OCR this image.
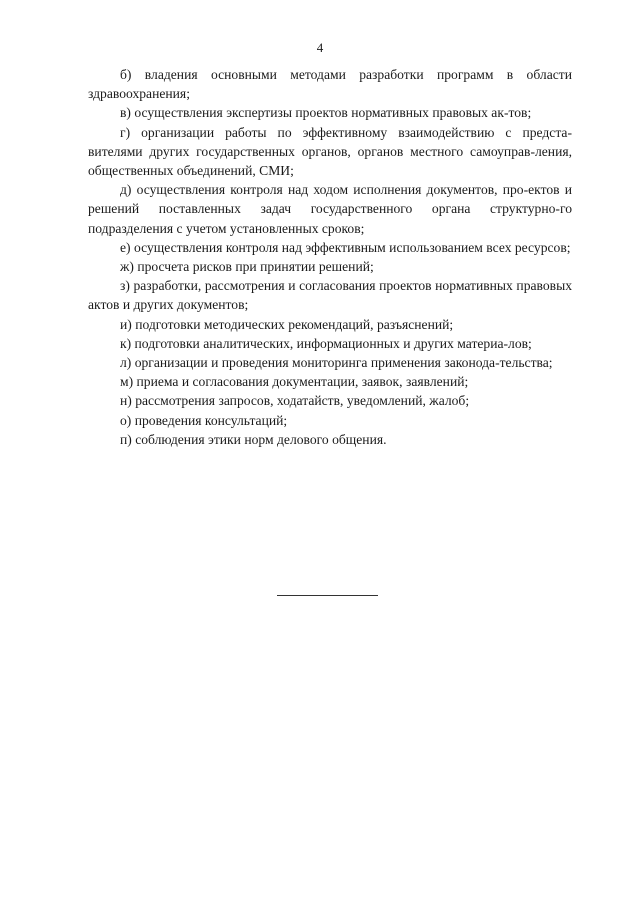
4

б) владения основными методами разработки программ в области здравоохранения;

в) осуществления экспертизы проектов нормативных правовых ак-тов;

г) организации работы по эффективному взаимодействию с предста-вителями других государственных органов, органов местного самоуправ-ления, общественных объединений, СМИ;

д) осуществления контроля над ходом исполнения документов, про-ектов и решений поставленных задач государственного органа структурно-го подразделения с учетом установленных сроков;

е) осуществления контроля над эффективным использованием всех ресурсов;

ж) просчета рисков при принятии решений;

з) разработки, рассмотрения и согласования проектов нормативных правовых актов и других документов;

и) подготовки методических рекомендаций, разъяснений;

к) подготовки аналитических, информационных и других материа-лов;

л) организации и проведения мониторинга применения законода-тельства;

м) приема и согласования документации, заявок, заявлений;

н) рассмотрения запросов, ходатайств, уведомлений, жалоб;

о) проведения консультаций;

п) соблюдения этики норм делового общения.
